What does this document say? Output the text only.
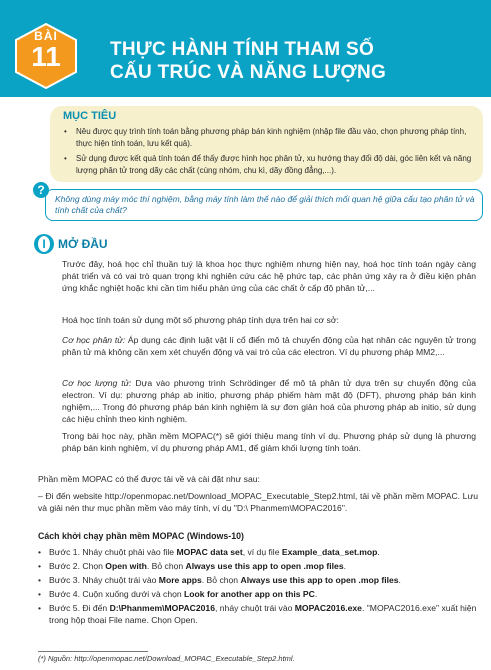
BÀI
11	THỰC HÀNH TÍNH THAM SỐ
CẤU TRÚC VÀ NĂNG LƯỢNG
MỤC TIÊU
• Nêu được quy trình tính toán bằng phương pháp bán kinh nghiệm (nhập file đầu vào, chọn phương pháp tính, thực hiện tính toán, lưu kết quả).
• Sử dụng được kết quả tính toán để thấy được hình học phân tử, xu hướng thay đổi độ dài, góc liên kết và năng lượng phân tử trong dãy các chất (cùng nhóm, chu kì, dãy đồng đẳng,...).
?
Không dùng máy móc thí nghiệm, bằng máy tính làm thế nào để giải thích mối quan hệ giữa cấu tạo phân tử và tính chất của chất?
I	MỞ ĐẦU
Trước đây, hoá học chỉ thuần tuý là khoa học thực nghiệm nhưng hiện nay, hoá học tính toán ngày càng phát triển và có vai trò quan trọng khi nghiên cứu các hệ phức tạp, các phản ứng xảy ra ở điều kiện phản ứng khắc nghiệt hoặc khi cần tìm hiểu phản ứng của các chất ở cấp độ phân tử,...
Hoá học tính toán sử dụng một số phương pháp tính dựa trên hai cơ sở:
Cơ học phân tử: Áp dụng các định luật vật lí cổ điển mô tả chuyển động của hạt nhân các nguyên tử trong phân tử mà không cần xem xét chuyển động và vai trò của các electron. Ví dụ phương pháp MM2,...
Cơ học lượng tử: Dựa vào phương trình Schrödinger để mô tả phân tử dựa trên sự chuyển động của electron. Ví dụ: phương pháp ab initio, phương pháp phiếm hàm mật độ (DFT), phương pháp bán kinh nghiệm,... Trong đó phương pháp bán kinh nghiệm là sự đơn giản hoá của phương pháp ab initio, sử dụng các hiệu chỉnh theo kinh nghiệm.
Trong bài học này, phần mềm MOPAC(*) sẽ giới thiệu mang tính ví dụ. Phương pháp sử dụng là phương pháp bán kinh nghiệm, ví dụ phương pháp AM1, để giảm khối lượng tính toán.
Phần mềm MOPAC có thể được tải về và cài đặt như sau:
– Đi đến website http://openmopac.net/Download_MOPAC_Executable_Step2.html, tải về phần mềm MOPAC. Lưu và giải nén thư mục phần mềm vào máy tính, ví dụ "D:\ Phanmem\MOPAC2016".
Cách khởi chạy phần mềm MOPAC (Windows-10)
• Bước 1. Nháy chuột phải vào file MOPAC data set, ví dụ file Example_data_set.mop.
• Bước 2. Chọn Open with. Bỏ chọn Always use this app to open .mop files.
• Bước 3. Nháy chuột trái vào More apps. Bỏ chọn Always use this app to open .mop files.
• Bước 4. Cuộn xuống dưới và chọn Look for another app on this PC.
• Bước 5. Đi đến D:\Phanmem\MOPAC2016, nháy chuột trái vào MOPAC2016.exe. "MOPAC2016.exe" xuất hiện trong hộp thoại File name. Chọn Open.
(*) Nguồn: http://openmopac.net/Download_MOPAC_Executable_Step2.html.
